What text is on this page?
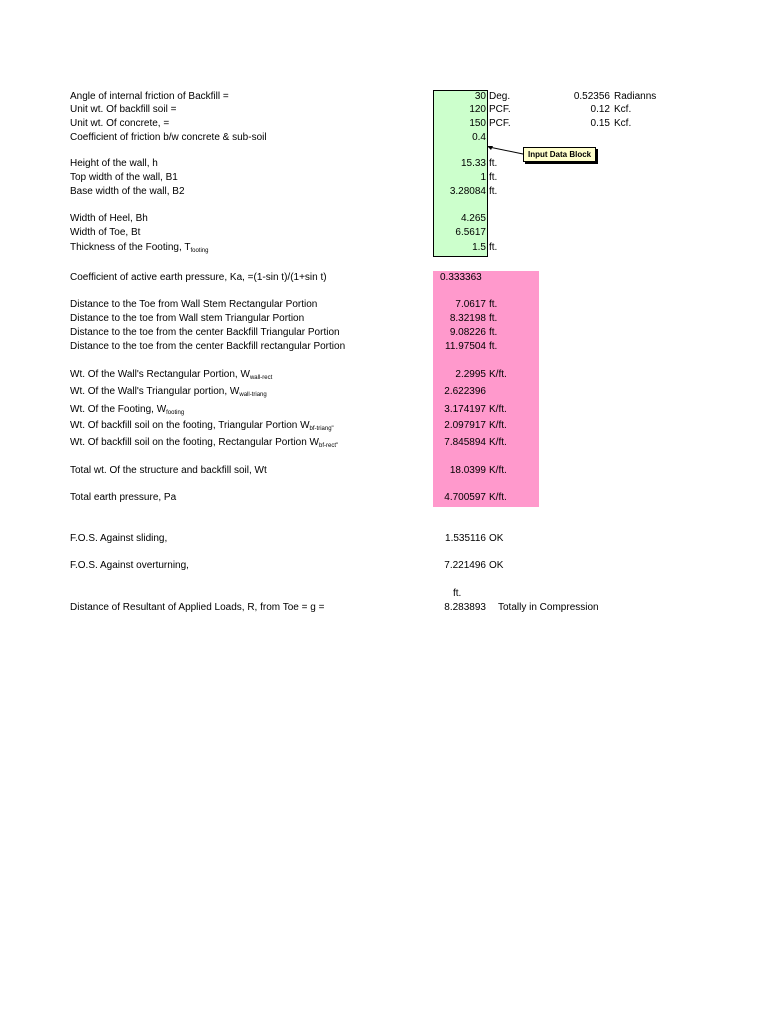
Angle of internal friction of Backfill =	30 Deg.	0.52356 Radianns
Unit wt. Of backfill soil =	120 PCF.	0.12 Kcf.
Unit wt. Of concrete, =	150 PCF.	0.15 Kcf.
Coefficient of friction b/w concrete & sub-soil	0.4
Height of the wall, h	15.33 ft.
Top width of the wall, B1	1 ft.
Base width of the wall, B2	3.28084 ft.
Width of Heel, Bh	4.265
Width of Toe, Bt	6.5617
Thickness of the Footing, $T_{footing}$	1.5 ft.
Input Data Block
Coefficient of active earth pressure, Ka, =(1-sin t)/(1+sin t)	0.333363
Distance to the Toe from Wall Stem Rectangular Portion	7.0617 ft.
Distance to the toe from Wall stem Triangular Portion	8.32198 ft.
Distance to the toe from the center Backfill Triangular Portion	9.08226 ft.
Distance to the toe from the center Backfill rectangular Portion	11.97504 ft.
Wt. Of the Wall's Rectangular Portion, $W_{wall-rect}$	2.2995 K/ft.
Wt. Of the Wall's Triangular portion, $W_{wall-triang}$	2.622396
Wt. Of the Footing, $W_{footing}$	3.174197 K/ft.
Wt. Of backfill soil on the footing, Triangular Portion $W_{bf-triang"}$	2.097917 K/ft.
Wt. Of backfill soil on the footing, Rectangular Portion $W_{bf-rect"}$	7.845894 K/ft.
Total wt. Of the structure and backfill soil, Wt	18.0399 K/ft.
Total earth pressure, Pa	4.700597 K/ft.
F.O.S. Against sliding,	1.535116 OK
F.O.S. Against overturning,	7.221496 OK
ft.
Distance of Resultant of Applied Loads, R, from Toe = g =	8.283893 Totally in Compression
